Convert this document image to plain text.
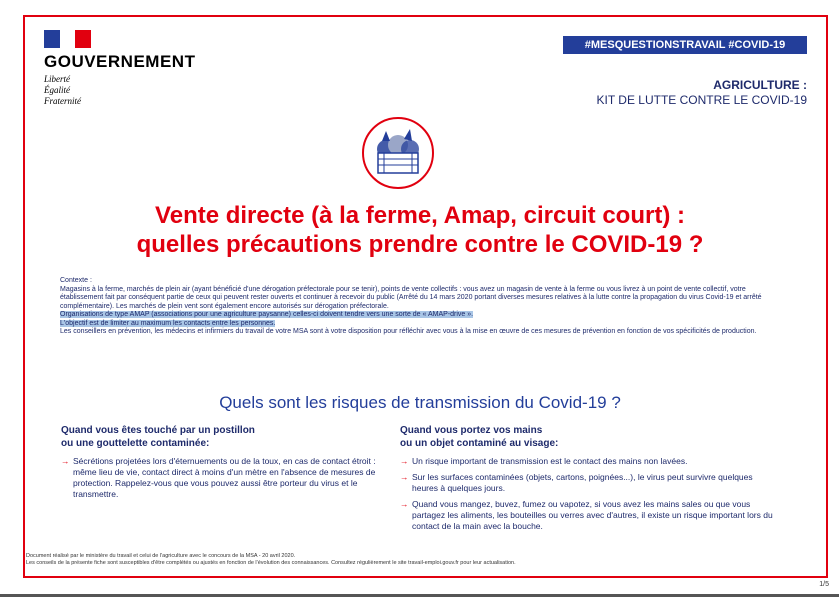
GOUVERNEMENT
Liberté
Égalité
Fraternité
#MESQUESTIONSTRAVAIL #COVID-19
AGRICULTURE :
KIT DE LUTTE CONTRE LE COVID-19
Vente directe (à la ferme, Amap, circuit court) :
quelles précautions prendre contre le COVID-19 ?
Contexte :
Magasins à la ferme, marchés de plein air (ayant bénéficié d'une dérogation préfectorale pour se tenir), points de vente collectifs : vous avez un magasin de vente à la ferme ou vous livrez à un point de vente collectif, votre établissement fait par conséquent partie de ceux qui peuvent rester ouverts et continuer à recevoir du public (Arrêté du 14 mars 2020 portant diverses mesures relatives à la lutte contre la propagation du virus Covid-19 et arrêté complémentaire). Les marchés de plein vent sont également encore autorisés sur dérogation préfectorale.
Organisations de type AMAP (associations pour une agriculture paysanne) celles-ci doivent tendre vers une sorte de « AMAP-drive ».
L'objectif est de limiter au maximum les contacts entre les personnes.
Les conseillers en prévention, les médecins et infirmiers du travail de votre MSA sont à votre disposition pour réfléchir avec vous à la mise en œuvre de ces mesures de prévention en fonction de vos spécificités de production.
Quels sont les risques de transmission du Covid-19 ?
Quand vous êtes touché par un postillon
ou une gouttelette contaminée:
→ Sécrétions projetées lors d'éternuements ou de la toux, en cas de contact étroit : même lieu de vie, contact direct à moins d'un mètre en l'absence de mesures de protection. Rappelez-vous que vous pouvez aussi être porteur du virus et le transmettre.
Quand vous portez vos mains
ou un objet contaminé au visage:
→ Un risque important de transmission est le contact des mains non lavées.
→ Sur les surfaces contaminées (objets, cartons, poignées...), le virus peut survivre quelques heures à quelques jours.
→ Quand vous mangez, buvez, fumez ou vapotez, si vous avez les mains sales ou que vous partagez les aliments, les bouteilles ou verres avec d'autres, il existe un risque important lors du contact de la main avec la bouche.
Document réalisé par le ministère du travail et celui de l'agriculture avec le concours de la MSA - 20 avril 2020.
Les conseils de la présente fiche sont susceptibles d'être complétés ou ajustés en fonction de l'évolution des connaissances. Consultez régulièrement le site travail-emploi.gouv.fr pour leur actualisation.
1/5
